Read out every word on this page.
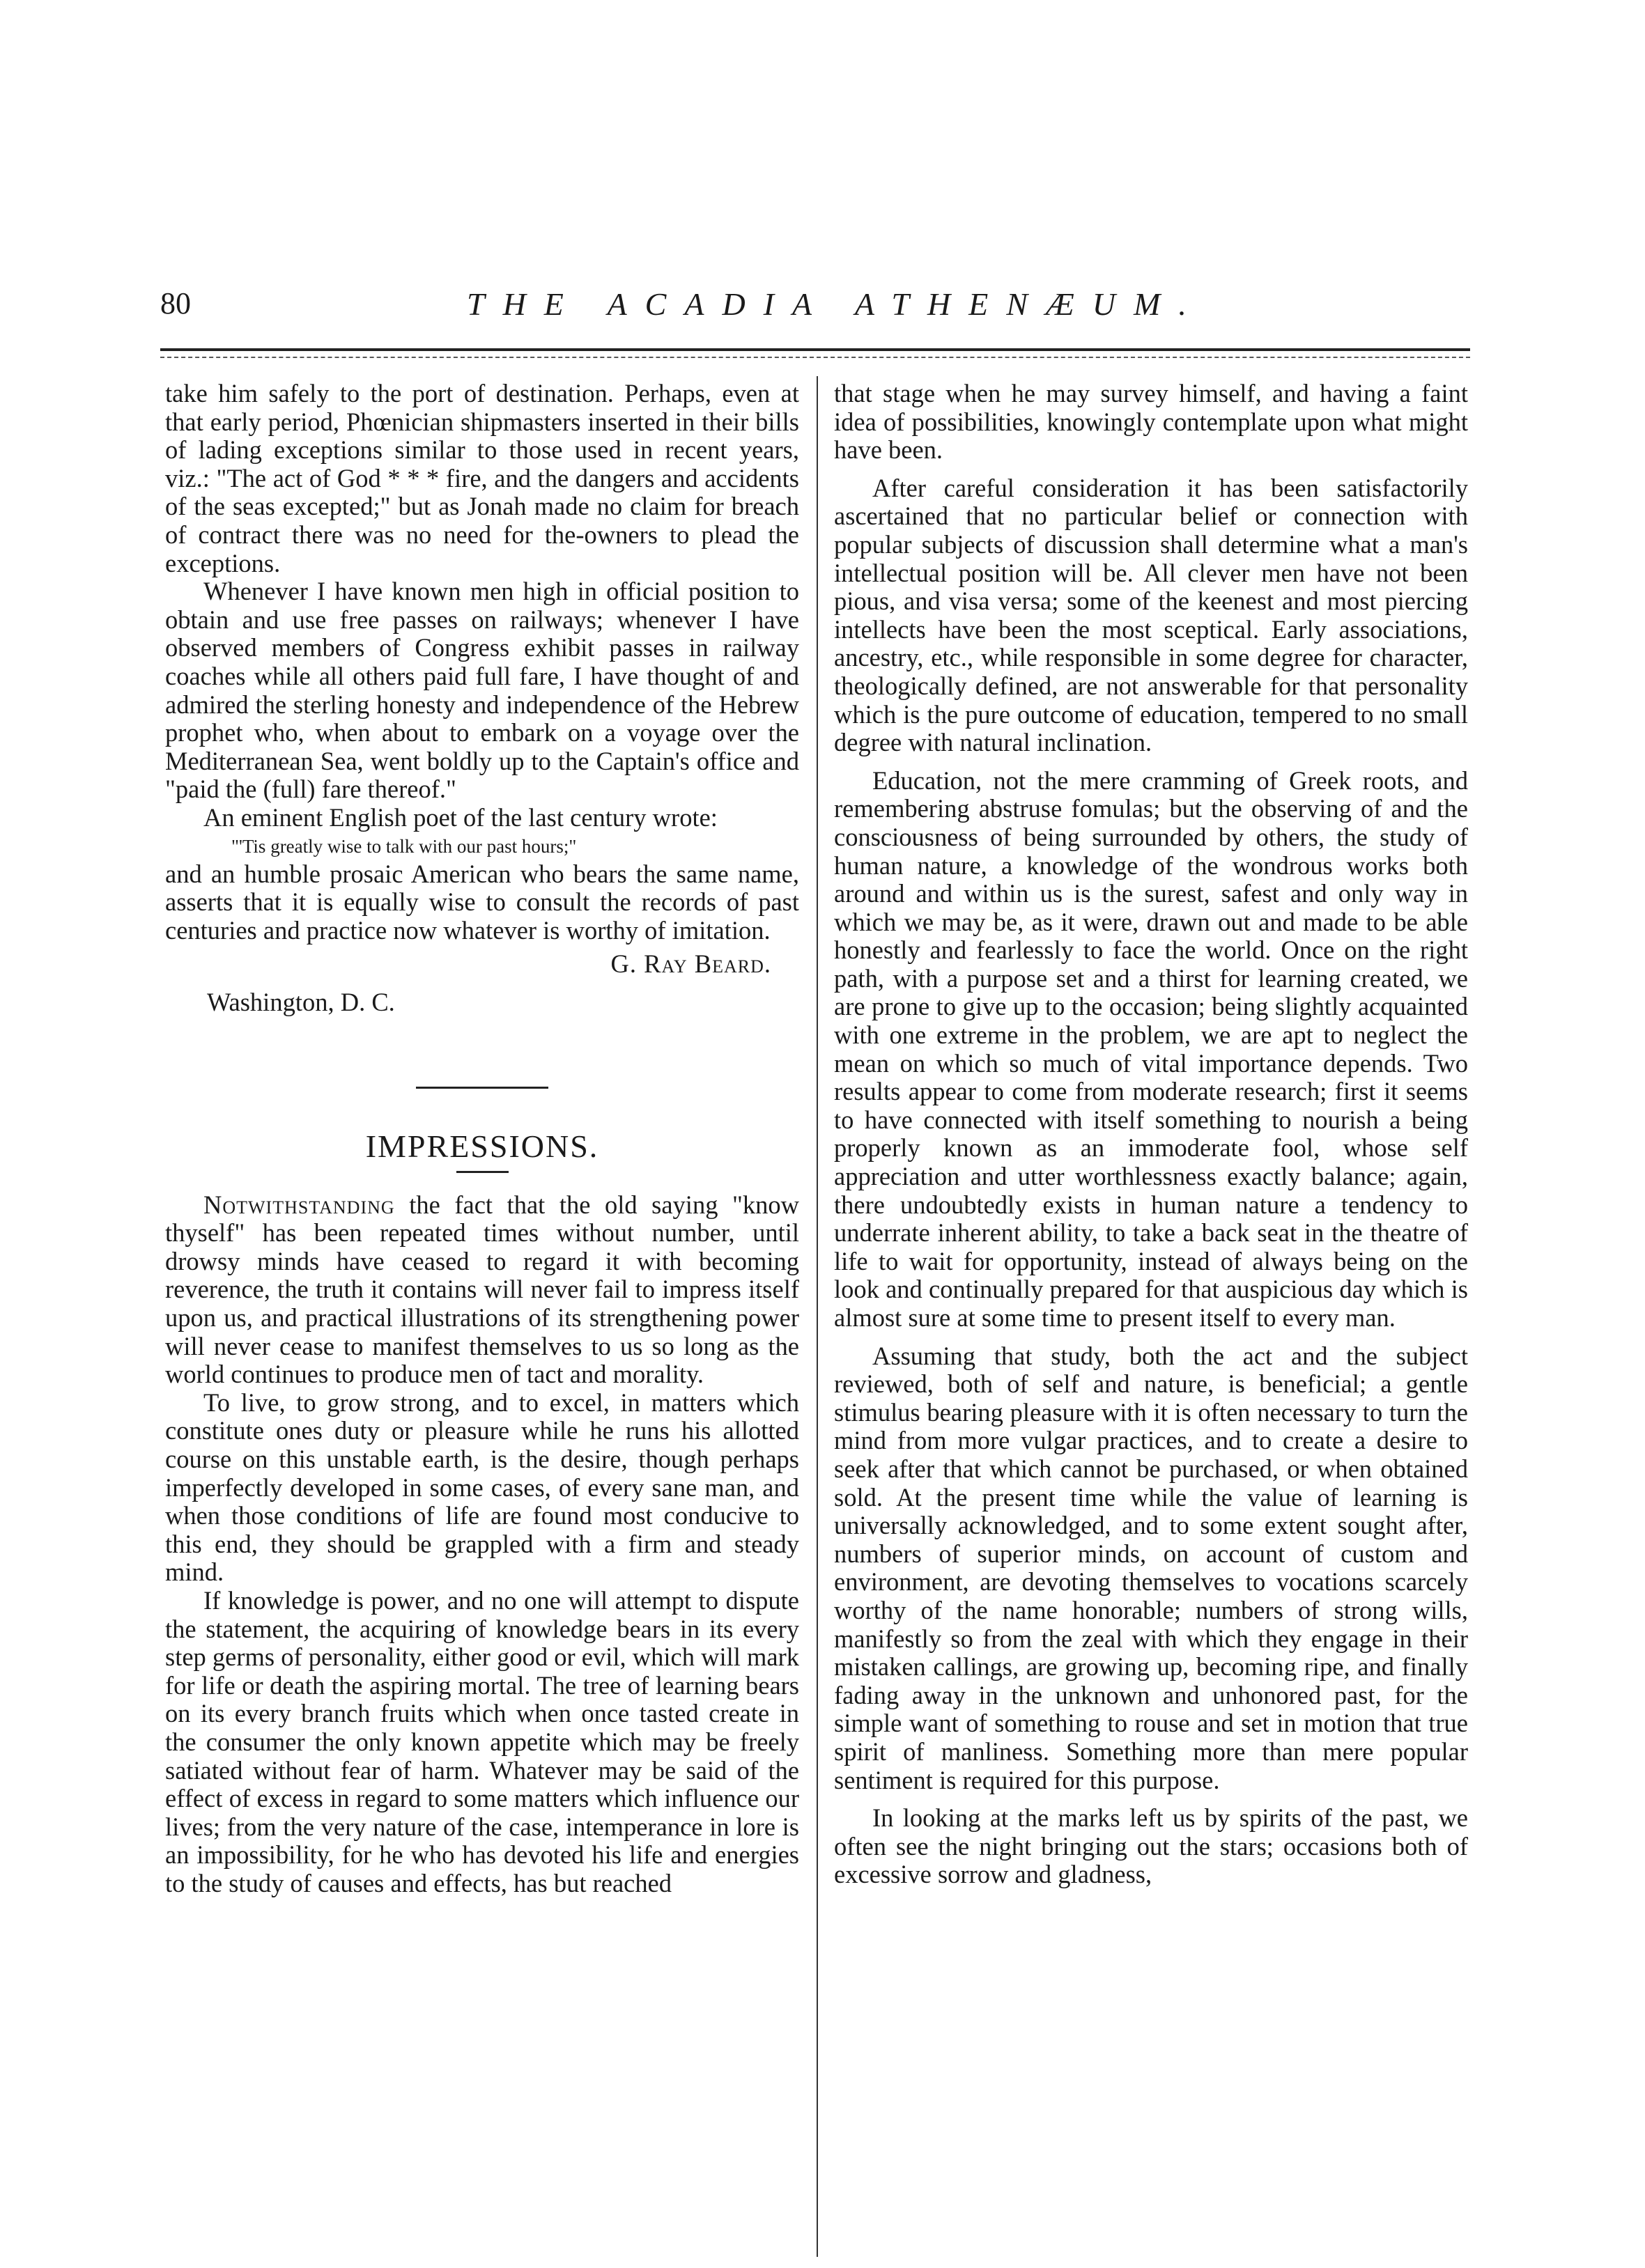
80	THE ACADIA ATHENÆUM.

take him safely to the port of destination. Perhaps, even at that early period, Phœnician shipmasters inserted in their bills of lading exceptions similar to those used in recent years, viz.: "The act of God * * * fire, and the dangers and accidents of the seas excepted;" but as Jonah made no claim for breach of contract there was no need for the-owners to plead the exceptions.

Whenever I have known men high in official position to obtain and use free passes on railways; whenever I have observed members of Congress exhibit passes in railway coaches while all others paid full fare, I have thought of and admired the sterling honesty and independence of the Hebrew prophet who, when about to embark on a voyage over the Mediterranean Sea, went boldly up to the Captain's office and "paid the (full) fare thereof."

An eminent English poet of the last century wrote:

"'Tis greatly wise to talk with our past hours;"

and an humble prosaic American who bears the same name, asserts that it is equally wise to consult the records of past centuries and practice now whatever is worthy of imitation.

G. Ray Beard.

Washington, D. C.

IMPRESSIONS.

Notwithstanding the fact that the old saying "know thyself" has been repeated times without number, until drowsy minds have ceased to regard it with becoming reverence, the truth it contains will never fail to impress itself upon us, and practical illustrations of its strengthening power will never cease to manifest themselves to us so long as the world continues to produce men of tact and morality.

To live, to grow strong, and to excel, in matters which constitute ones duty or pleasure while he runs his allotted course on this unstable earth, is the desire, though perhaps imperfectly developed in some cases, of every sane man, and when those conditions of life are found most conducive to this end, they should be grappled with a firm and steady mind.

If knowledge is power, and no one will attempt to dispute the statement, the acquiring of knowledge bears in its every step germs of personality, either good or evil, which will mark for life or death the aspiring mortal. The tree of learning bears on its every branch fruits which when once tasted create in the consumer the only known appetite which may be freely satiated without fear of harm. Whatever may be said of the effect of excess in regard to some matters which influence our lives; from the very nature of the case, intemperance in lore is an impossibility, for he who has devoted his life and energies to the study of causes and effects, has but reached

that stage when he may survey himself, and having a faint idea of possibilities, knowingly contemplate upon what might have been.

After careful consideration it has been satisfactorily ascertained that no particular belief or connection with popular subjects of discussion shall determine what a man's intellectual position will be. All clever men have not been pious, and visa versa; some of the keenest and most piercing intellects have been the most sceptical. Early associations, ancestry, etc., while responsible in some degree for character, theologically defined, are not answerable for that personality which is the pure outcome of education, tempered to no small degree with natural inclination.

Education, not the mere cramming of Greek roots, and remembering abstruse fomulas; but the observing of and the consciousness of being surrounded by others, the study of human nature, a knowledge of the wondrous works both around and within us is the surest, safest and only way in which we may be, as it were, drawn out and made to be able honestly and fearlessly to face the world. Once on the right path, with a purpose set and a thirst for learning created, we are prone to give up to the occasion; being slightly acquainted with one extreme in the problem, we are apt to neglect the mean on which so much of vital importance depends. Two results appear to come from moderate research; first it seems to have connected with itself something to nourish a being properly known as an immoderate fool, whose self appreciation and utter worthlessness exactly balance; again, there undoubtedly exists in human nature a tendency to underrate inherent ability, to take a back seat in the theatre of life to wait for opportunity, instead of always being on the look and continually prepared for that auspicious day which is almost sure at some time to present itself to every man.

Assuming that study, both the act and the subject reviewed, both of self and nature, is beneficial; a gentle stimulus bearing pleasure with it is often necessary to turn the mind from more vulgar practices, and to create a desire to seek after that which cannot be purchased, or when obtained sold. At the present time while the value of learning is universally acknowledged, and to some extent sought after, numbers of superior minds, on account of custom and environment, are devoting themselves to vocations scarcely worthy of the name honorable; numbers of strong wills, manifestly so from the zeal with which they engage in their mistaken callings, are growing up, becoming ripe, and finally fading away in the unknown and unhonored past, for the simple want of something to rouse and set in motion that true spirit of manliness. Something more than mere popular sentiment is required for this purpose.

In looking at the marks left us by spirits of the past, we often see the night bringing out the stars; occasions both of excessive sorrow and gladness,
